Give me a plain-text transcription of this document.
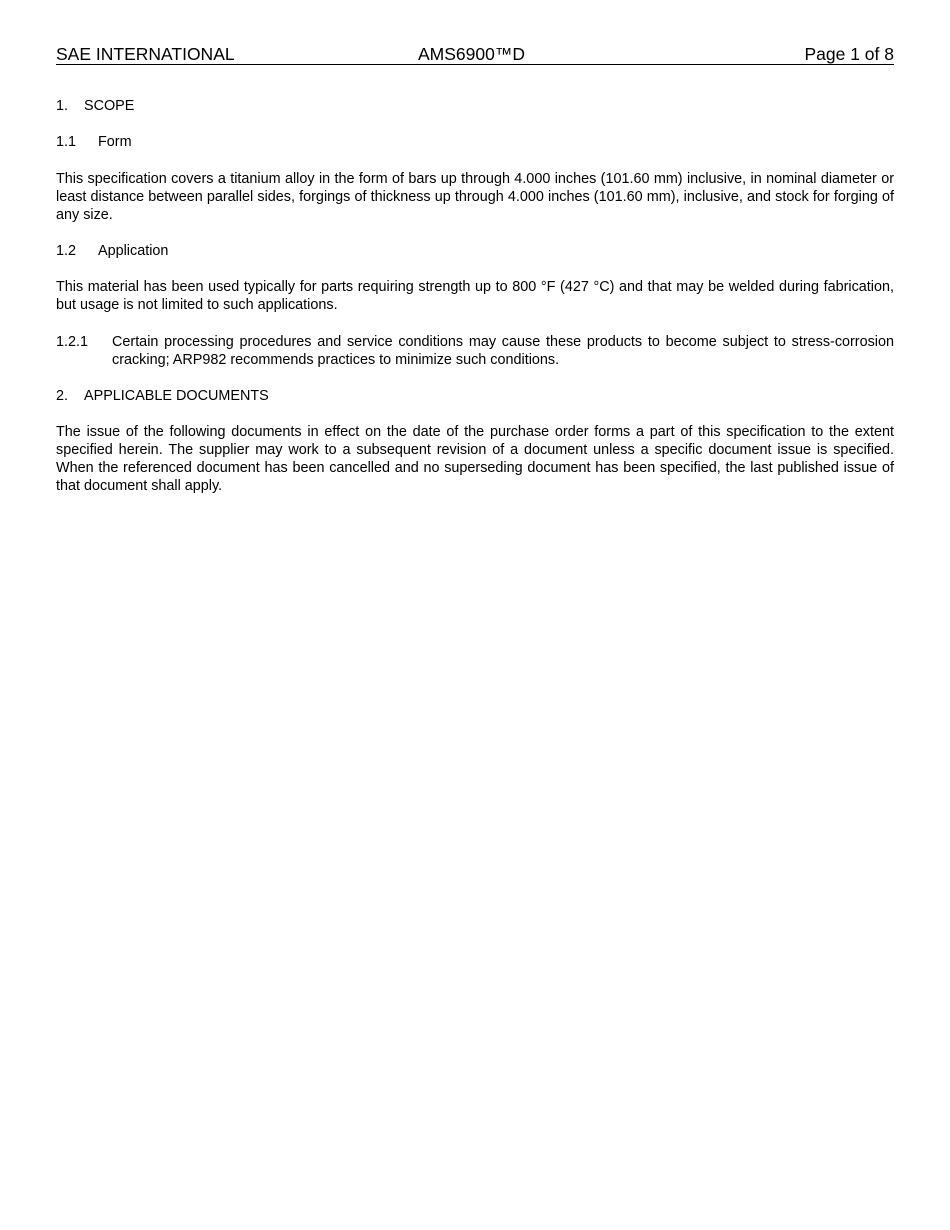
SAE INTERNATIONAL	AMS6900™D	Page 1 of 8
1. SCOPE
1.1 Form
This specification covers a titanium alloy in the form of bars up through 4.000 inches (101.60 mm) inclusive, in nominal diameter or least distance between parallel sides, forgings of thickness up through 4.000 inches (101.60 mm), inclusive, and stock for forging of any size.
1.2 Application
This material has been used typically for parts requiring strength up to 800 °F (427 °C) and that may be welded during fabrication, but usage is not limited to such applications.
1.2.1 Certain processing procedures and service conditions may cause these products to become subject to stress-corrosion cracking; ARP982 recommends practices to minimize such conditions.
2. APPLICABLE DOCUMENTS
The issue of the following documents in effect on the date of the purchase order forms a part of this specification to the extent specified herein. The supplier may work to a subsequent revision of a document unless a specific document issue is specified. When the referenced document has been cancelled and no superseding document has been specified, the last published issue of that document shall apply.
